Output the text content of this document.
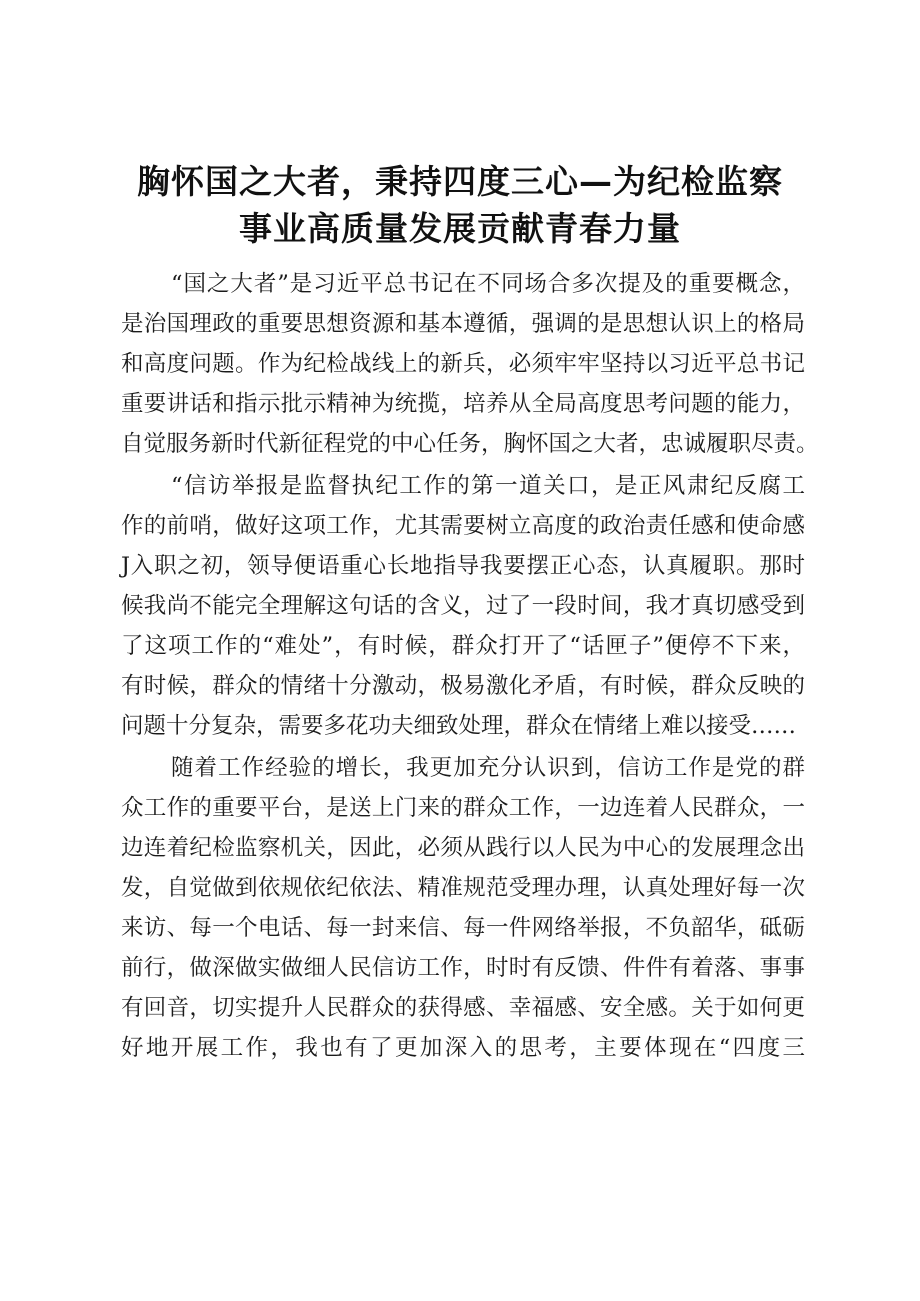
胸怀国之大者，秉持四度三心—为纪检监察
事业高质量发展贡献青春力量
“国之大者”是习近平总书记在不同场合多次提及的重要概念，
是治国理政的重要思想资源和基本遵循，强调的是思想认识上的格局
和高度问题。作为纪检战线上的新兵，必须牢牢坚持以习近平总书记
重要讲话和指示批示精神为统揽，培养从全局高度思考问题的能力，
自觉服务新时代新征程党的中心任务，胸怀国之大者，忠诚履职尽责。
“信访举报是监督执纪工作的第一道关口，是正风肃纪反腐工
作的前哨，做好这项工作，尤其需要树立高度的政治责任感和使命感
J入职之初，领导便语重心长地指导我要摆正心态，认真履职。那时
候我尚不能完全理解这句话的含义，过了一段时间，我才真切感受到
了这项工作的“难处”，有时候，群众打开了“话匣子”便停不下来，
有时候，群众的情绪十分激动，极易激化矛盾，有时候，群众反映的
问题十分复杂，需要多花功夫细致处理，群众在情绪上难以接受……
随着工作经验的增长，我更加充分认识到，信访工作是党的群
众工作的重要平台，是送上门来的群众工作，一边连着人民群众，一
边连着纪检监察机关，因此，必须从践行以人民为中心的发展理念出
发，自觉做到依规依纪依法、精准规范受理办理，认真处理好每一次
来访、每一个电话、每一封来信、每一件网络举报，不负韶华，砥砺
前行，做深做实做细人民信访工作，时时有反馈、件件有着落、事事
有回音，切实提升人民群众的获得感、幸福感、安全感。关于如何更
好地开展工作，我也有了更加深入的思考，主要体现在“四度三
